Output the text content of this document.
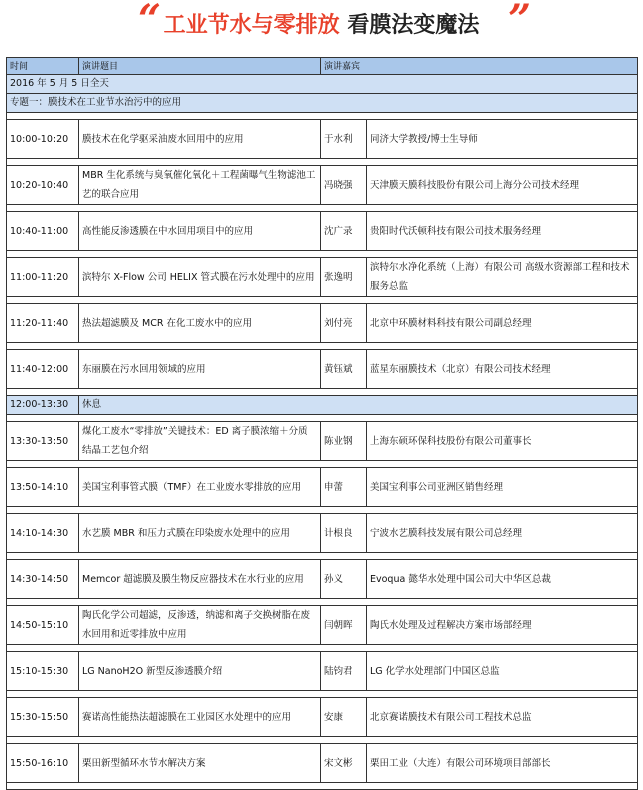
“ 工业节水与零排放 看膜法变魔法 ”
时间	演讲题目	演讲嘉宾	
2016 年 5 月 5 日全天			
专题一：膜技术在工业节水治污中的应用			

10:00-10:20	膜技术在化学驱采油废水回用中的应用	于水利	同济大学教授/博士生导师

10:20-10:40	MBR 生化系统与臭氧催化氧化＋工程菌曝气生物滤池工艺的联合应用	冯晓强	天津膜天膜科技股份有限公司上海分公司技术经理

10:40-11:00	高性能反渗透膜在中水回用项目中的应用	沈广录	贵阳时代沃顿科技有限公司技术服务经理

11:00-11:20	滨特尔 X-Flow 公司 HELIX 管式膜在污水处理中的应用	张逸明	滨特尔水净化系统（上海）有限公司 高级水资源部工程和技术服务总监

11:20-11:40	热法超滤膜及 MCR 在化工废水中的应用	刘付亮	北京中环膜材料科技有限公司副总经理

11:40-12:00	东丽膜在污水回用领域的应用	黄钰斌	蓝星东丽膜技术（北京）有限公司技术经理

12:00-13:30	休息		

13:30-13:50	煤化工废水“零排放”关键技术：ED 离子膜浓缩＋分质结晶工艺包介绍	陈业钢	上海东硕环保科技股份有限公司董事长

13:50-14:10	美国宝利事管式膜（TMF）在工业废水零排放的应用	申蕾	美国宝利事公司亚洲区销售经理

14:10-14:30	水艺膜 MBR 和压力式膜在印染废水处理中的应用	计根良	宁波水艺膜科技发展有限公司总经理

14:30-14:50	Memcor 超滤膜及膜生物反应器技术在水行业的应用	孙义	Evoqua 懿华水处理中国公司大中华区总裁

14:50-15:10	陶氏化学公司超滤，反渗透，纳滤和离子交换树脂在废水回用和近零排放中应用	闫朝晖	陶氏水处理及过程解决方案市场部经理

15:10-15:30	LG NanoH2O 新型反渗透膜介绍	陆钧君	LG 化学水处理部门中国区总监

15:30-15:50	赛诺高性能热法超滤膜在工业园区水处理中的应用	安康	北京赛诺膜技术有限公司工程技术总监

15:50-16:10	栗田新型循环水节水解决方案	宋文彬	栗田工业（大连）有限公司环境项目部部长
